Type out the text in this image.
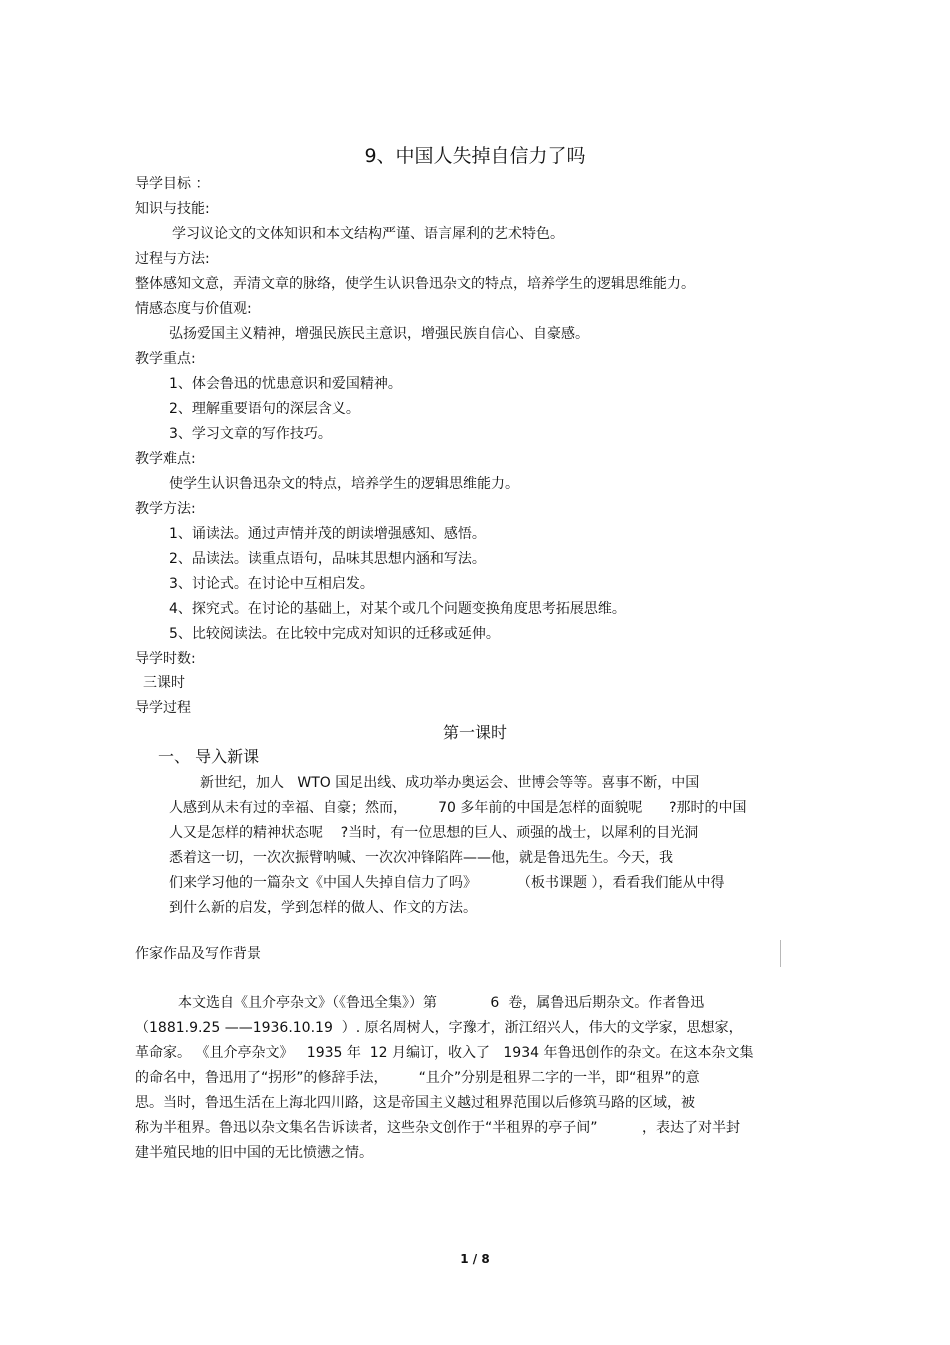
9、中国人失掉自信力了吗
导学目标 ：
知识与技能:
学习议论文的文体知识和本文结构严谨、语言犀利的艺术特色。
过程与方法:
整体感知文意，弄清文章的脉络，使学生认识鲁迅杂文的特点，培养学生的逻辑思维能力。
情感态度与价值观:
弘扬爱国主义精神，增强民族民主意识，增强民族自信心、自豪感。
教学重点:
1、体会鲁迅的忧患意识和爱国精神。
2、理解重要语句的深层含义。
3、学习文章的写作技巧。
教学难点:
使学生认识鲁迅杂文的特点，培养学生的逻辑思维能力。
教学方法:
1、诵读法。通过声情并茂的朗读增强感知、感悟。
2、品读法。读重点语句，品味其思想内涵和写法。
3、讨论式。在讨论中互相启发。
4、探究式。在讨论的基础上，对某个或几个问题变换角度思考拓展思维。
5、比较阅读法。在比较中完成对知识的迁移或延伸。
导学时数:
三课时
导学过程
第一课时
一、 导入新课
新世纪，加人   WTO 国足出线、成功举办奥运会、世博会等等。喜事不断，中国
人感到从未有过的幸福、自豪；然而，       70 多年前的中国是怎样的面貌呢      ?那时的中国
人又是怎样的精神状态呢    ?当时，有一位思想的巨人、顽强的战士，以犀利的目光洞
悉着这一切，一次次振臂呐喊、一次次冲锋陷阵——他，就是鲁迅先生。今天，我
们来学习他的一篇杂文《中国人失掉自信力了吗》         （板书课题 ），看看我们能从中得
到什么新的启发，学到怎样的做人、作文的方法。
作家作品及写作背景
本文选自《且介亭杂文》（《鲁迅全集》）第            6  卷，属鲁迅后期杂文。作者鲁迅
（1881.9.25 ——1936.10.19  ）. 原名周树人，字豫才，浙江绍兴人，伟大的文学家，思想家，
革命家。 《且介亭杂文》   1935 年  12 月编订，收入了   1934 年鲁迅创作的杂文。在这本杂文集
的命名中，鲁迅用了“拐形”的修辞手法，       “且介”分别是租界二字的一半，即“租界”的意
思。当时，鲁迅生活在上海北四川路，这是帝国主义越过租界范围以后修筑马路的区域，被
称为半租界。鲁迅以杂文集名告诉读者，这些杂文创作于“半租界的亭子间”          ，表达了对半封
建半殖民地的旧中国的无比愤懑之情。
1 / 8
